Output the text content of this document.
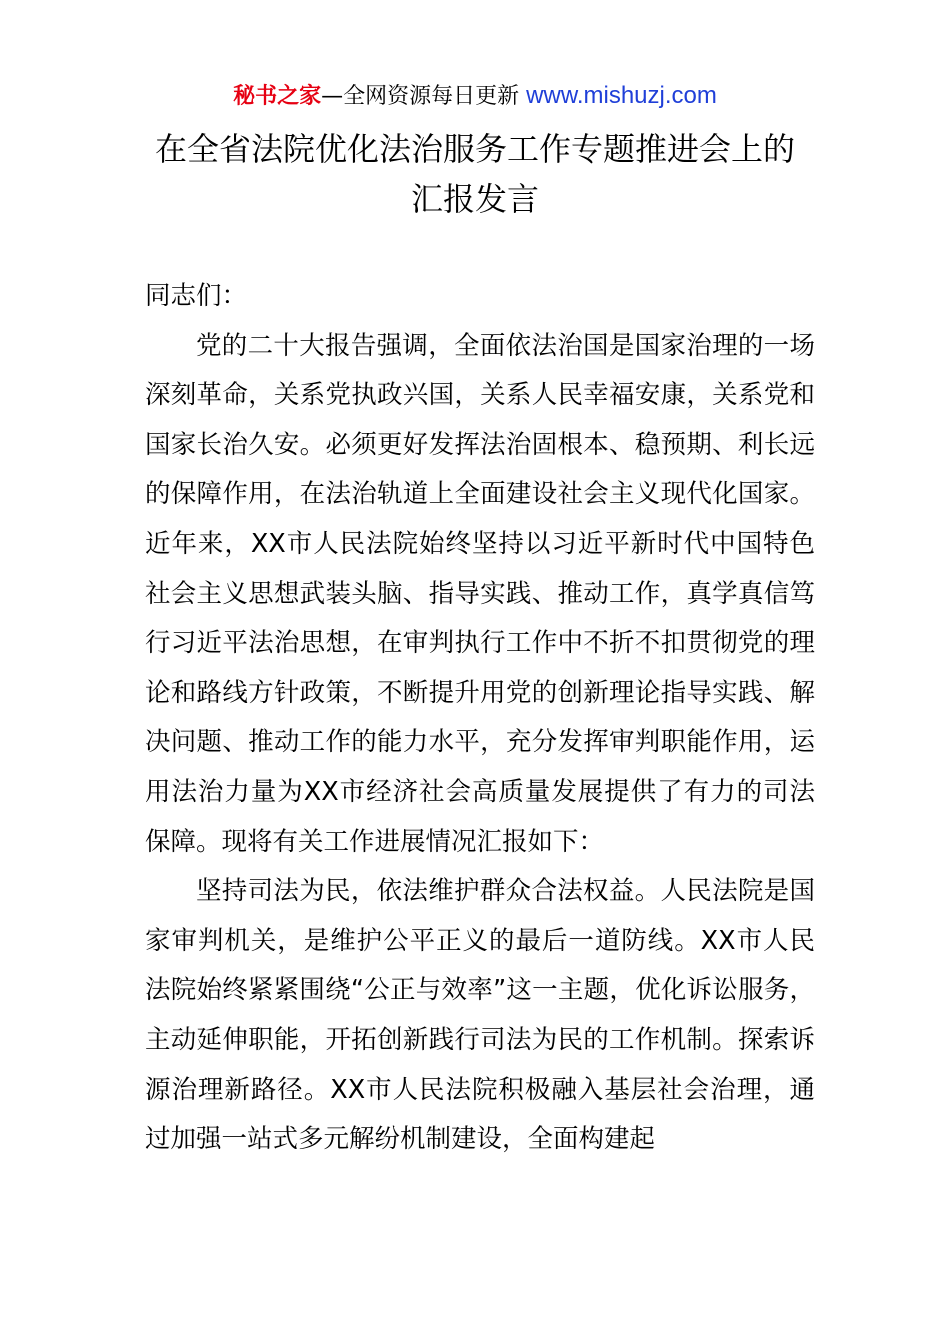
秘书之家—全网资源每日更新 www.mishuzj.com
在全省法院优化法治服务工作专题推进会上的
汇报发言

同志们：

党的二十大报告强调，全面依法治国是国家治理的一场深刻革命，关系党执政兴国，关系人民幸福安康，关系党和国家长治久安。必须更好发挥法治固根本、稳预期、利长远的保障作用，在法治轨道上全面建设社会主义现代化国家。近年来，XX市人民法院始终坚持以习近平新时代中国特色社会主义思想武装头脑、指导实践、推动工作，真学真信笃行习近平法治思想，在审判执行工作中不折不扣贯彻党的理论和路线方针政策，不断提升用党的创新理论指导实践、解决问题、推动工作的能力水平，充分发挥审判职能作用，运用法治力量为XX市经济社会高质量发展提供了有力的司法保障。现将有关工作进展情况汇报如下：

坚持司法为民，依法维护群众合法权益。人民法院是国家审判机关，是维护公平正义的最后一道防线。XX市人民法院始终紧紧围绕“公正与效率”这一主题，优化诉讼服务，主动延伸职能，开拓创新践行司法为民的工作机制。探索诉源治理新路径。XX市人民法院积极融入基层社会治理，通过加强一站式多元解纷机制建设，全面构建起
